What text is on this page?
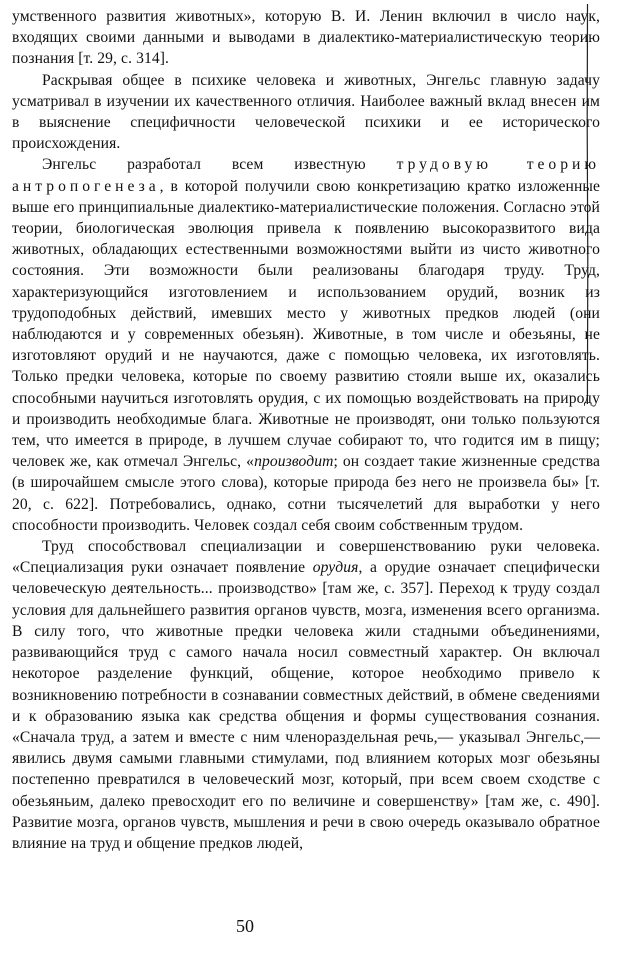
умственного развития животных», которую В. И. Ленин включил в число наук, входящих своими данными и выводами в диалектико-материалистическую теорию познания [т. 29, с. 314].

Раскрывая общее в психике человека и животных, Энгельс главную задачу усматривал в изучении их качественного отличия. Наиболее важный вклад внесен им в выяснение специфичности человеческой психики и ее исторического происхождения.

Энгельс разработал всем известную трудовую теорию антропогенеза, в которой получили свою конкретизацию кратко изложенные выше его принципиальные диалектико-материалистические положения. Согласно этой теории, биологическая эволюция привела к появлению высокоразвитого вида животных, обладающих естественными возможностями выйти из чисто животного состояния. Эти возможности были реализованы благодаря труду. Труд, характеризующийся изготовлением и использованием орудий, возник из трудоподобных действий, имевших место у животных предков людей (они наблюдаются и у современных обезьян). Животные, в том числе и обезьяны, не изготовляют орудий и не научаются, даже с помощью человека, их изготовлять. Только предки человека, которые по своему развитию стояли выше их, оказались способными научиться изготовлять орудия, с их помощью воздействовать на природу и производить необходимые блага. Животные не производят, они только пользуются тем, что имеется в природе, в лучшем случае собирают то, что годится им в пищу; человек же, как отмечал Энгельс, «производит; он создает такие жизненные средства (в широчайшем смысле этого слова), которые природа без него не произвела бы» [т. 20, с. 622]. Потребовались, однако, сотни тысячелетий для выработки у него способности производить. Человек создал себя своим собственным трудом.

Труд способствовал специализации и совершенствованию руки человека. «Специализация руки означает появление орудия, а орудие означает специфически человеческую деятельность... производство» [там же, с. 357]. Переход к труду создал условия для дальнейшего развития органов чувств, мозга, изменения всего организма. В силу того, что животные предки человека жили стадными объединениями, развивающийся труд с самого начала носил совместный характер. Он включал некоторое разделение функций, общение, которое необходимо привело к возникновению потребности в сознавании совместных действий, в обмене сведениями и к образованию языка как средства общения и формы существования сознания. «Сначала труд, а затем и вместе с ним членораздельная речь,— указывал Энгельс,— явились двумя самыми главными стимулами, под влиянием которых мозг обезьяны постепенно превратился в человеческий мозг, который, при всем своем сходстве с обезьяньим, далеко превосходит его по величине и совершенству» [там же, с. 490]. Развитие мозга, органов чувств, мышления и речи в свою очередь оказывало обратное влияние на труд и общение предков людей,

50
